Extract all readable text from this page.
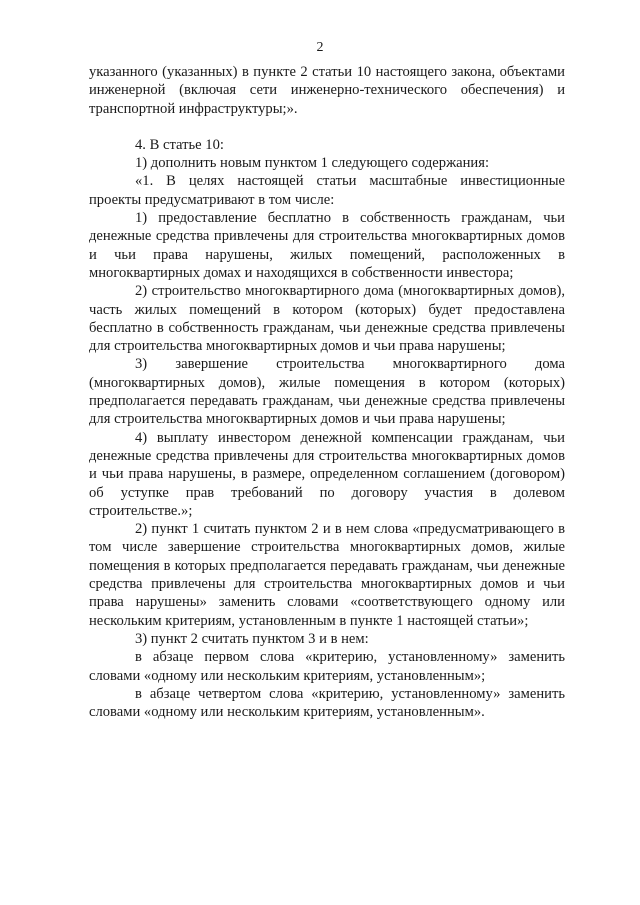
2

указанного (указанных) в пункте 2 статьи 10 настоящего закона, объектами инженерной (включая сети инженерно-технического обеспечения) и транспортной инфраструктуры;».

4. В статье 10:

1) дополнить новым пунктом 1 следующего содержания:

«1. В целях настоящей статьи масштабные инвестиционные проекты предусматривают в том числе:

1) предоставление бесплатно в собственность гражданам, чьи денежные средства привлечены для строительства многоквартирных домов и чьи права нарушены, жилых помещений, расположенных в многоквартирных домах и находящихся в собственности инвестора;

2) строительство многоквартирного дома (многоквартирных домов), часть жилых помещений в котором (которых) будет предоставлена бесплатно в собственность гражданам, чьи денежные средства привлечены для строительства многоквартирных домов и чьи права нарушены;

3) завершение строительства многоквартирного дома (многоквартирных домов), жилые помещения в котором (которых) предполагается передавать гражданам, чьи денежные средства привлечены для строительства многоквартирных домов и чьи права нарушены;

4) выплату инвестором денежной компенсации гражданам, чьи денежные средства привлечены для строительства многоквартирных домов и чьи права нарушены, в размере, определенном соглашением (договором) об уступке прав требований по договору участия в долевом строительстве.»;

2) пункт 1 считать пунктом 2 и в нем слова «предусматривающего в том числе завершение строительства многоквартирных домов, жилые помещения в которых предполагается передавать гражданам, чьи денежные средства привлечены для строительства многоквартирных домов и чьи права нарушены» заменить словами «соответствующего одному или нескольким критериям, установленным в пункте 1 настоящей статьи»;

3) пункт 2 считать пунктом 3 и в нем:

в абзаце первом слова «критерию, установленному» заменить словами «одному или нескольким критериям, установленным»;

в абзаце четвертом слова «критерию, установленному» заменить словами «одному или нескольким критериям, установленным».
